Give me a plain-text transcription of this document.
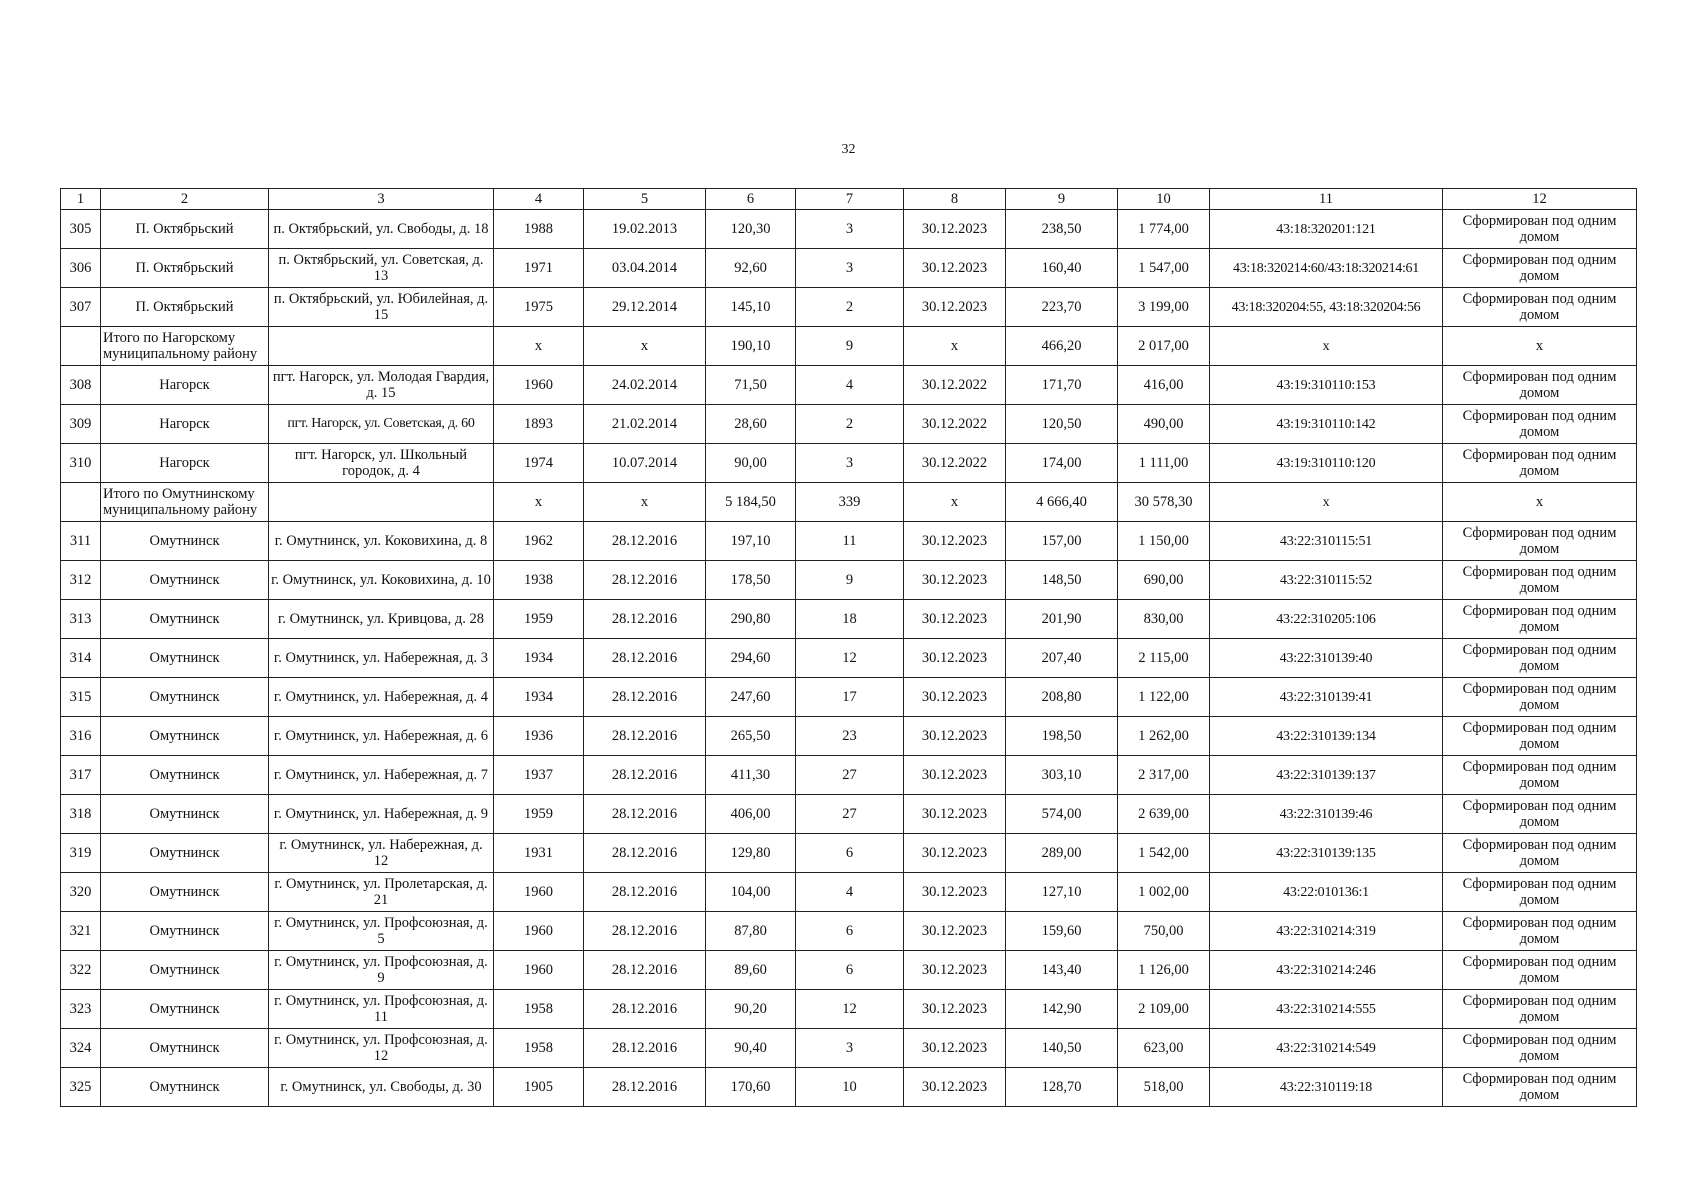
32
1	2	3	4	5	6	7	8	9	10	11	12
305	П. Октябрьский	п. Октябрьский, ул. Свободы, д. 18	1988	19.02.2013	120,30	3	30.12.2023	238,50	1 774,00	43:18:320201:121	Сформирован под одним домом
306	П. Октябрьский	п. Октябрьский, ул. Советская, д. 13	1971	03.04.2014	92,60	3	30.12.2023	160,40	1 547,00	43:18:320214:60/43:18:320214:61	Сформирован под одним домом
307	П. Октябрьский	п. Октябрьский, ул. Юбилейная, д. 15	1975	29.12.2014	145,10	2	30.12.2023	223,70	3 199,00	43:18:320204:55, 43:18:320204:56	Сформирован под одним домом
	Итого по Нагорскому муниципальному району		х	х	190,10	9	х	466,20	2 017,00	х	х
308	Нагорск	пгт. Нагорск, ул. Молодая Гвардия, д. 15	1960	24.02.2014	71,50	4	30.12.2022	171,70	416,00	43:19:310110:153	Сформирован под одним домом
309	Нагорск	пгт. Нагорск, ул. Советская, д. 60	1893	21.02.2014	28,60	2	30.12.2022	120,50	490,00	43:19:310110:142	Сформирован под одним домом
310	Нагорск	пгт. Нагорск, ул. Школьный городок, д. 4	1974	10.07.2014	90,00	3	30.12.2022	174,00	1 111,00	43:19:310110:120	Сформирован под одним домом
	Итого по Омутнинскому муниципальному району		х	х	5 184,50	339	х	4 666,40	30 578,30	х	х
311	Омутнинск	г. Омутнинск, ул. Коковихина, д. 8	1962	28.12.2016	197,10	11	30.12.2023	157,00	1 150,00	43:22:310115:51	Сформирован под одним домом
312	Омутнинск	г. Омутнинск, ул. Коковихина, д. 10	1938	28.12.2016	178,50	9	30.12.2023	148,50	690,00	43:22:310115:52	Сформирован под одним домом
313	Омутнинск	г. Омутнинск, ул. Кривцова, д. 28	1959	28.12.2016	290,80	18	30.12.2023	201,90	830,00	43:22:310205:106	Сформирован под одним домом
314	Омутнинск	г. Омутнинск, ул. Набережная, д. 3	1934	28.12.2016	294,60	12	30.12.2023	207,40	2 115,00	43:22:310139:40	Сформирован под одним домом
315	Омутнинск	г. Омутнинск, ул. Набережная, д. 4	1934	28.12.2016	247,60	17	30.12.2023	208,80	1 122,00	43:22:310139:41	Сформирован под одним домом
316	Омутнинск	г. Омутнинск, ул. Набережная, д. 6	1936	28.12.2016	265,50	23	30.12.2023	198,50	1 262,00	43:22:310139:134	Сформирован под одним домом
317	Омутнинск	г. Омутнинск, ул. Набережная, д. 7	1937	28.12.2016	411,30	27	30.12.2023	303,10	2 317,00	43:22:310139:137	Сформирован под одним домом
318	Омутнинск	г. Омутнинск, ул. Набережная, д. 9	1959	28.12.2016	406,00	27	30.12.2023	574,00	2 639,00	43:22:310139:46	Сформирован под одним домом
319	Омутнинск	г. Омутнинск, ул. Набережная, д. 12	1931	28.12.2016	129,80	6	30.12.2023	289,00	1 542,00	43:22:310139:135	Сформирован под одним домом
320	Омутнинск	г. Омутнинск, ул. Пролетарская, д. 21	1960	28.12.2016	104,00	4	30.12.2023	127,10	1 002,00	43:22:010136:1	Сформирован под одним домом
321	Омутнинск	г. Омутнинск, ул. Профсоюзная, д. 5	1960	28.12.2016	87,80	6	30.12.2023	159,60	750,00	43:22:310214:319	Сформирован под одним домом
322	Омутнинск	г. Омутнинск, ул. Профсоюзная, д. 9	1960	28.12.2016	89,60	6	30.12.2023	143,40	1 126,00	43:22:310214:246	Сформирован под одним домом
323	Омутнинск	г. Омутнинск, ул. Профсоюзная, д. 11	1958	28.12.2016	90,20	12	30.12.2023	142,90	2 109,00	43:22:310214:555	Сформирован под одним домом
324	Омутнинск	г. Омутнинск, ул. Профсоюзная, д. 12	1958	28.12.2016	90,40	3	30.12.2023	140,50	623,00	43:22:310214:549	Сформирован под одним домом
325	Омутнинск	г. Омутнинск, ул. Свободы, д. 30	1905	28.12.2016	170,60	10	30.12.2023	128,70	518,00	43:22:310119:18	Сформирован под одним домом
